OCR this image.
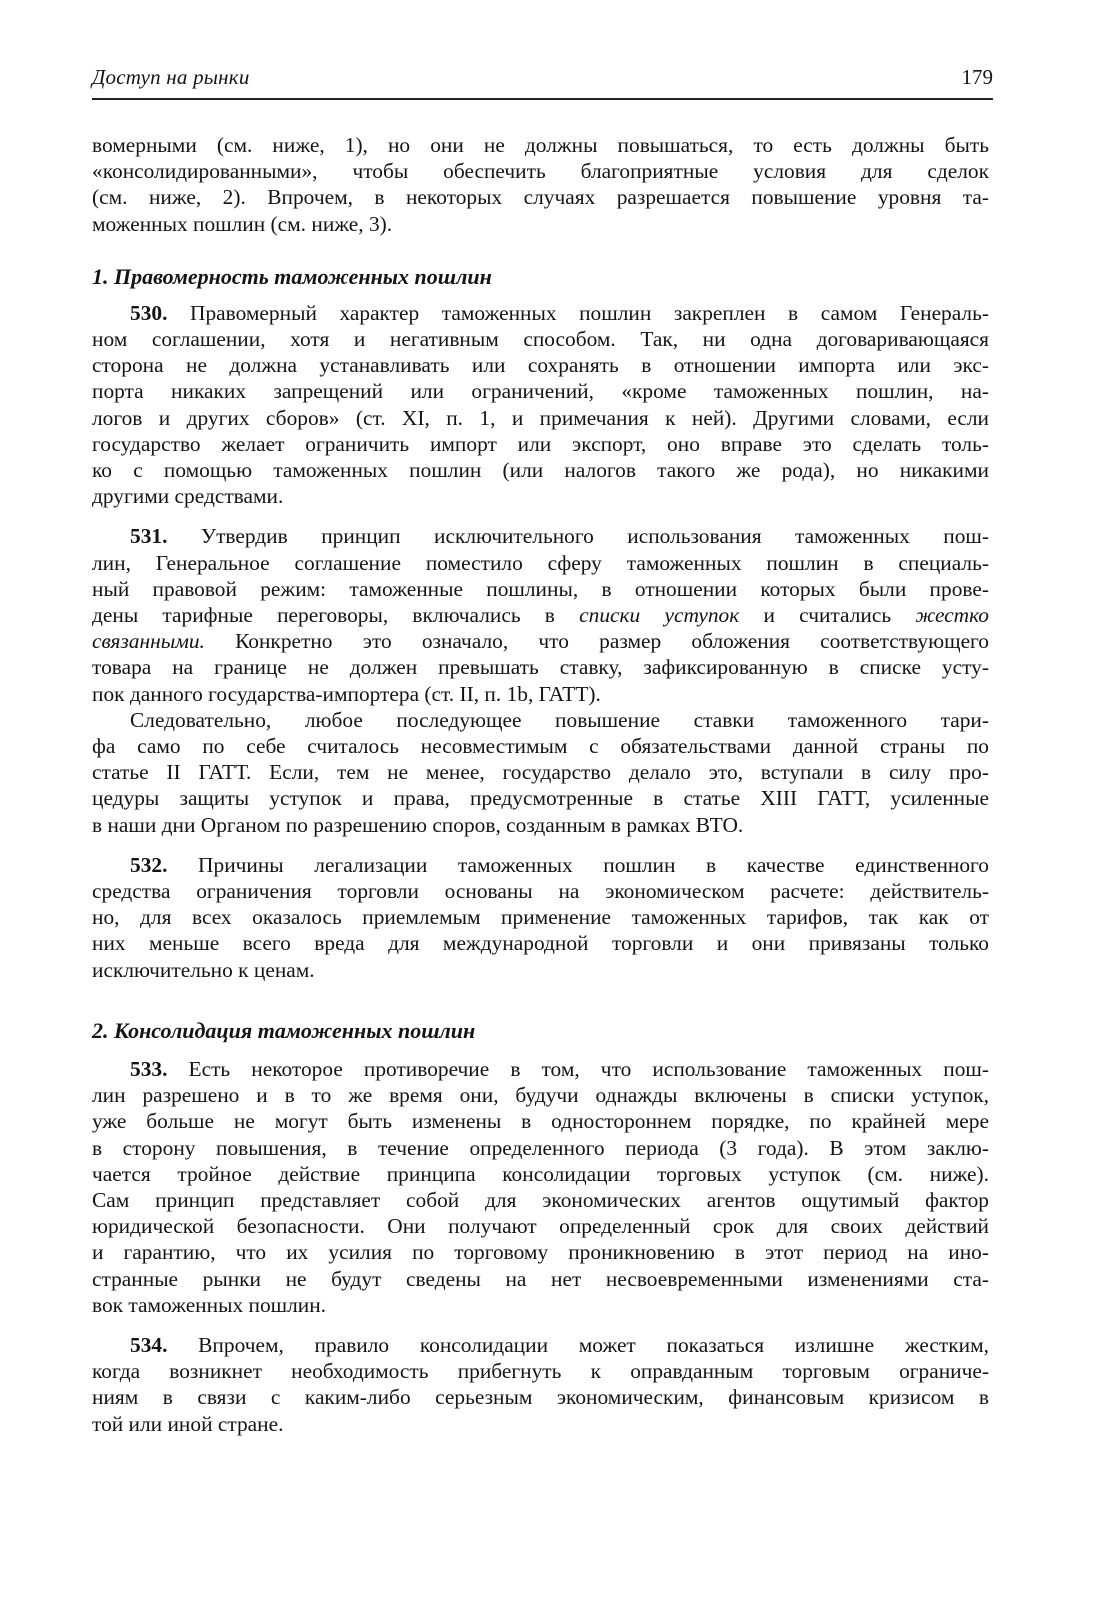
Доступ на рынки	179
вомерными (см. ниже, 1), но они не должны повышаться, то есть должны быть
«консолидированными», чтобы обеспечить благоприятные условия для сделок
(см. ниже, 2). Впрочем, в некоторых случаях разрешается повышение уровня та-
моженных пошлин (см. ниже, 3).
1. Правомерность таможенных пошлин
530. Правомерный характер таможенных пошлин закреплен в самом Генераль-
ном соглашении, хотя и негативным способом. Так, ни одна договаривающаяся
сторона не должна устанавливать или сохранять в отношении импорта или экс-
порта никаких запрещений или ограничений, «кроме таможенных пошлин, на-
логов и других сборов» (ст. XI, п. 1, и примечания к ней). Другими словами, если
государство желает ограничить импорт или экспорт, оно вправе это сделать толь-
ко с помощью таможенных пошлин (или налогов такого же рода), но никакими
другими средствами.
531. Утвердив принцип исключительного использования таможенных пош-
лин, Генеральное соглашение поместило сферу таможенных пошлин в специаль-
ный правовой режим: таможенные пошлины, в отношении которых были прове-
дены тарифные переговоры, включались в списки уступок и считались жестко
связанными. Конкретно это означало, что размер обложения соответствующего
товара на границе не должен превышать ставку, зафиксированную в списке усту-
пок данного государства-импортера (ст. II, п. 1b, ГАТТ).
Следовательно, любое последующее повышение ставки таможенного тари-
фа само по себе считалось несовместимым с обязательствами данной страны по
статье II ГАТТ. Если, тем не менее, государство делало это, вступали в силу про-
цедуры защиты уступок и права, предусмотренные в статье XIII ГАТТ, усиленные
в наши дни Органом по разрешению споров, созданным в рамках ВТО.
532. Причины легализации таможенных пошлин в качестве единственного
средства ограничения торговли основаны на экономическом расчете: действитель-
но, для всех оказалось приемлемым применение таможенных тарифов, так как от
них меньше всего вреда для международной торговли и они привязаны только
исключительно к ценам.
2. Консолидация таможенных пошлин
533. Есть некоторое противоречие в том, что использование таможенных пош-
лин разрешено и в то же время они, будучи однажды включены в списки уступок,
уже больше не могут быть изменены в одностороннем порядке, по крайней мере
в сторону повышения, в течение определенного периода (3 года). В этом заклю-
чается тройное действие принципа консолидации торговых уступок (см. ниже).
Сам принцип представляет собой для экономических агентов ощутимый фактор
юридической безопасности. Они получают определенный срок для своих действий
и гарантию, что их усилия по торговому проникновению в этот период на ино-
странные рынки не будут сведены на нет несвоевременными изменениями ста-
вок таможенных пошлин.
534. Впрочем, правило консолидации может показаться излишне жестким,
когда возникнет необходимость прибегнуть к оправданным торговым ограниче-
ниям в связи с каким-либо серьезным экономическим, финансовым кризисом в
той или иной стране.
